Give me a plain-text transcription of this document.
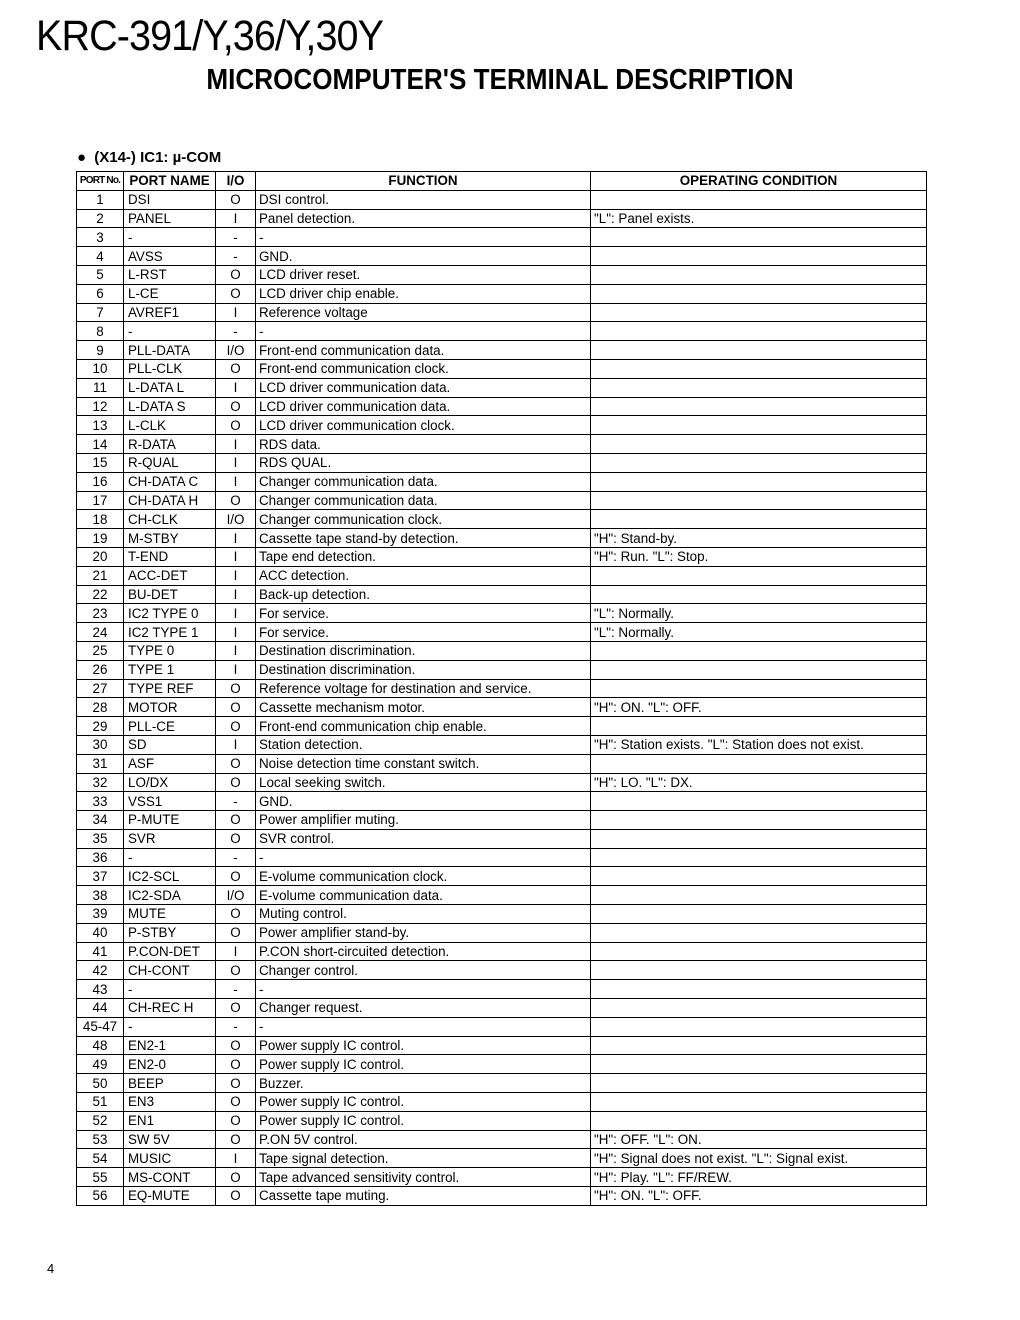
KRC-391/Y,36/Y,30Y
MICROCOMPUTER'S TERMINAL DESCRIPTION
● (X14-) IC1: µ-COM
PORT No.	PORT NAME	I/O	FUNCTION	OPERATING CONDITION
1	DSI	O	DSI control.	
2	PANEL	I	Panel detection.	"L": Panel exists.
3	-	-	-	
4	AVSS	-	GND.	
5	L-RST	O	LCD driver reset.	
6	L-CE	O	LCD driver chip enable.	
7	AVREF1	I	Reference voltage	
8	-	-	-	
9	PLL-DATA	I/O	Front-end communication data.	
10	PLL-CLK	O	Front-end communication clock.	
11	L-DATA L	I	LCD driver communication data.	
12	L-DATA S	O	LCD driver communication data.	
13	L-CLK	O	LCD driver communication clock.	
14	R-DATA	I	RDS data.	
15	R-QUAL	I	RDS QUAL.	
16	CH-DATA C	I	Changer communication data.	
17	CH-DATA H	O	Changer communication data.	
18	CH-CLK	I/O	Changer communication clock.	
19	M-STBY	I	Cassette tape stand-by detection.	"H": Stand-by.
20	T-END	I	Tape end detection.	"H": Run. "L": Stop.
21	ACC-DET	I	ACC detection.	
22	BU-DET	I	Back-up detection.	
23	IC2 TYPE 0	I	For service.	"L": Normally.
24	IC2 TYPE 1	I	For service.	"L": Normally.
25	TYPE 0	I	Destination discrimination.	
26	TYPE 1	I	Destination discrimination.	
27	TYPE REF	O	Reference voltage for destination and service.	
28	MOTOR	O	Cassette mechanism motor.	"H": ON. "L": OFF.
29	PLL-CE	O	Front-end communication chip enable.	
30	SD	I	Station detection.	"H": Station exists. "L": Station does not exist.
31	ASF	O	Noise detection time constant switch.	
32	LO/DX	O	Local seeking switch.	"H": LO. "L": DX.
33	VSS1	-	GND.	
34	P-MUTE	O	Power amplifier muting.	
35	SVR	O	SVR control.	
36	-	-	-	
37	IC2-SCL	O	E-volume communication clock.	
38	IC2-SDA	I/O	E-volume communication data.	
39	MUTE	O	Muting control.	
40	P-STBY	O	Power amplifier stand-by.	
41	P.CON-DET	I	P.CON short-circuited detection.	
42	CH-CONT	O	Changer control.	
43	-	-	-	
44	CH-REC H	O	Changer request.	
45-47	-	-	-	
48	EN2-1	O	Power supply IC control.	
49	EN2-0	O	Power supply IC control.	
50	BEEP	O	Buzzer.	
51	EN3	O	Power supply IC control.	
52	EN1	O	Power supply IC control.	
53	SW 5V	O	P.ON 5V control.	"H": OFF. "L": ON.
54	MUSIC	I	Tape signal detection.	"H": Signal does not exist. "L": Signal exist.
55	MS-CONT	O	Tape advanced sensitivity control.	"H": Play. "L": FF/REW.
56	EQ-MUTE	O	Cassette tape muting.	"H": ON. "L": OFF.
4
